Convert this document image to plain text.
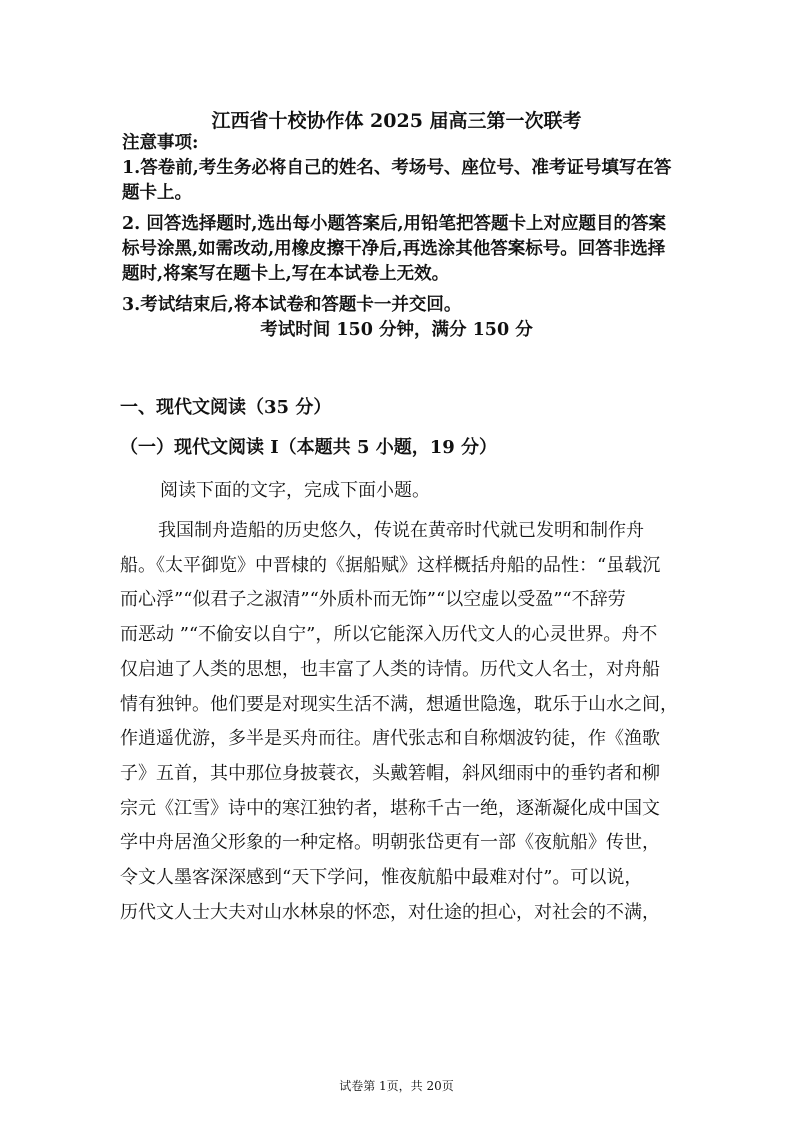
江西省十校协作体 2025 届高三第一次联考

注意事项:

1.答卷前,考生务必将自己的姓名、考场号、座位号、准考证号填写在答题卡上。

2. 回答选择题时,选出每小题答案后,用铅笔把答题卡上对应题目的答案标号涂黑,如需改动,用橡皮擦干净后,再选涂其他答案标号。回答非选择题时,将案写在题卡上,写在本试卷上无效。

3.考试结束后,将本试卷和答题卡一并交回。

考试时间 150 分钟，满分 150 分
一、现代文阅读（35 分）
（一）现代文阅读 Ⅰ（本题共 5 小题，19 分）
阅读下面的文字，完成下面小题。
我国制舟造船的历史悠久，传说在黄帝时代就已发明和制作舟
船。《太平御览》中晋棣的《据船赋》这样概括舟船的品性：“虽载沉
而心浮”“似君子之淑清”“外质朴而无饰”“以空虚以受盈”“不辞劳
而恶动 ”“不偷安以自宁”，所以它能深入历代文人的心灵世界。舟不
仅启迪了人类的思想，也丰富了人类的诗情。历代文人名士，对舟船
情有独钟。他们要是对现实生活不满，想遁世隐逸，耽乐于山水之间，
作逍遥优游，多半是买舟而往。唐代张志和自称烟波钓徒，作《渔歌
子》五首，其中那位身披蓑衣，头戴箬帽，斜风细雨中的垂钓者和柳
宗元《江雪》诗中的寒江独钓者，堪称千古一绝，逐渐凝化成中国文
学中舟居渔父形象的一种定格。明朝张岱更有一部《夜航船》传世，
令文人墨客深深感到“天下学问，惟夜航船中最难对付”。可以说，
历代文人士大夫对山水林泉的怀恋，对仕途的担心，对社会的不满，
试卷第 1页，共 20页
